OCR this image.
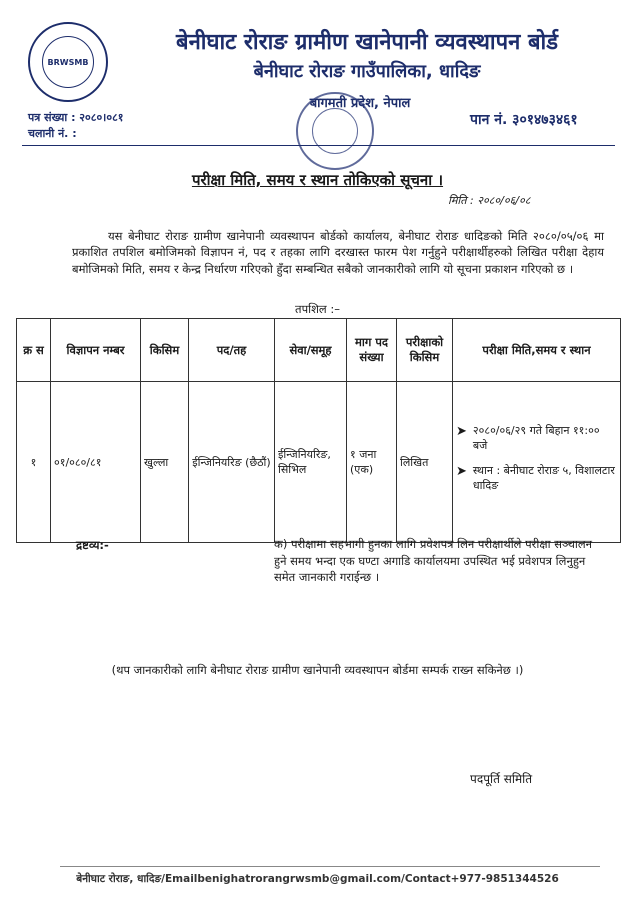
BRWSMB
बेनीघाट रोराङ ग्रामीण खानेपानी व्यवस्थापन बोर्ड
बेनीघाट रोराङ गाउँपालिका, धादिङ
बागमती प्रदेश, नेपाल
पत्र संख्या : २०८०।०८१
चलानी नं. :
पान नं. ३०१४७३४६१
परीक्षा मिति, समय र स्थान तोकिएको सूचना ।
मिति : २०८०/०६/०८
यस बेनीघाट रोराङ ग्रामीण खानेपानी व्यवस्थापन बोर्डको कार्यालय, बेनीघाट रोराङ धादिङको मिति २०८०/०५/०६ मा प्रकाशित तपशिल बमोजिमको विज्ञापन नं, पद र तहका लागि दरखास्त फारम पेश गर्नुहुने परीक्षार्थीहरुको लिखित परीक्षा देहाय बमोजिमको मिति, समय र केन्द्र निर्धारण गरिएको हुँदा सम्बन्धित सबैको जानकारीको लागि यो सूचना प्रकाशन गरिएको छ ।
तपशिल :–
क्र स	विज्ञापन नम्बर	किसिम	पद/तह	सेवा/समूह	माग पद संख्या	परीक्षाको किसिम	परीक्षा मिति,समय र स्थान
१	०१/०८०/८१	खुल्ला	ईन्जिनियरिङ (छैठौं)	ईन्जिनियरिङ, सिभिल	१ जना (एक)	लिखित	➤ २०८०/०६/२९ गते बिहान ११:०० बजे
➤ स्थान : बेनीघाट रोराङ ५, विशालटार धादिङ
द्रष्टव्य:-	क) परीक्षामा सहभागी हुनका लागि प्रवेशपत्र लिन परीक्षार्थीले परीक्षा सञ्चालन हुने समय भन्दा एक घण्टा अगाडि कार्यालयमा उपस्थित भई प्रवेशपत्र लिनुहुन समेत जानकारी गराईन्छ ।
(थप जानकारीको लागि बेनीघाट रोराङ ग्रामीण खानेपानी व्यवस्थापन बोर्डमा सम्पर्क राख्न सकिनेछ ।)
पदपूर्ति समिति
बेनीघाट रोराङ, धादिङ/Emailbenighatrorangrwsmb@gmail.com/Contact+977-9851344526
